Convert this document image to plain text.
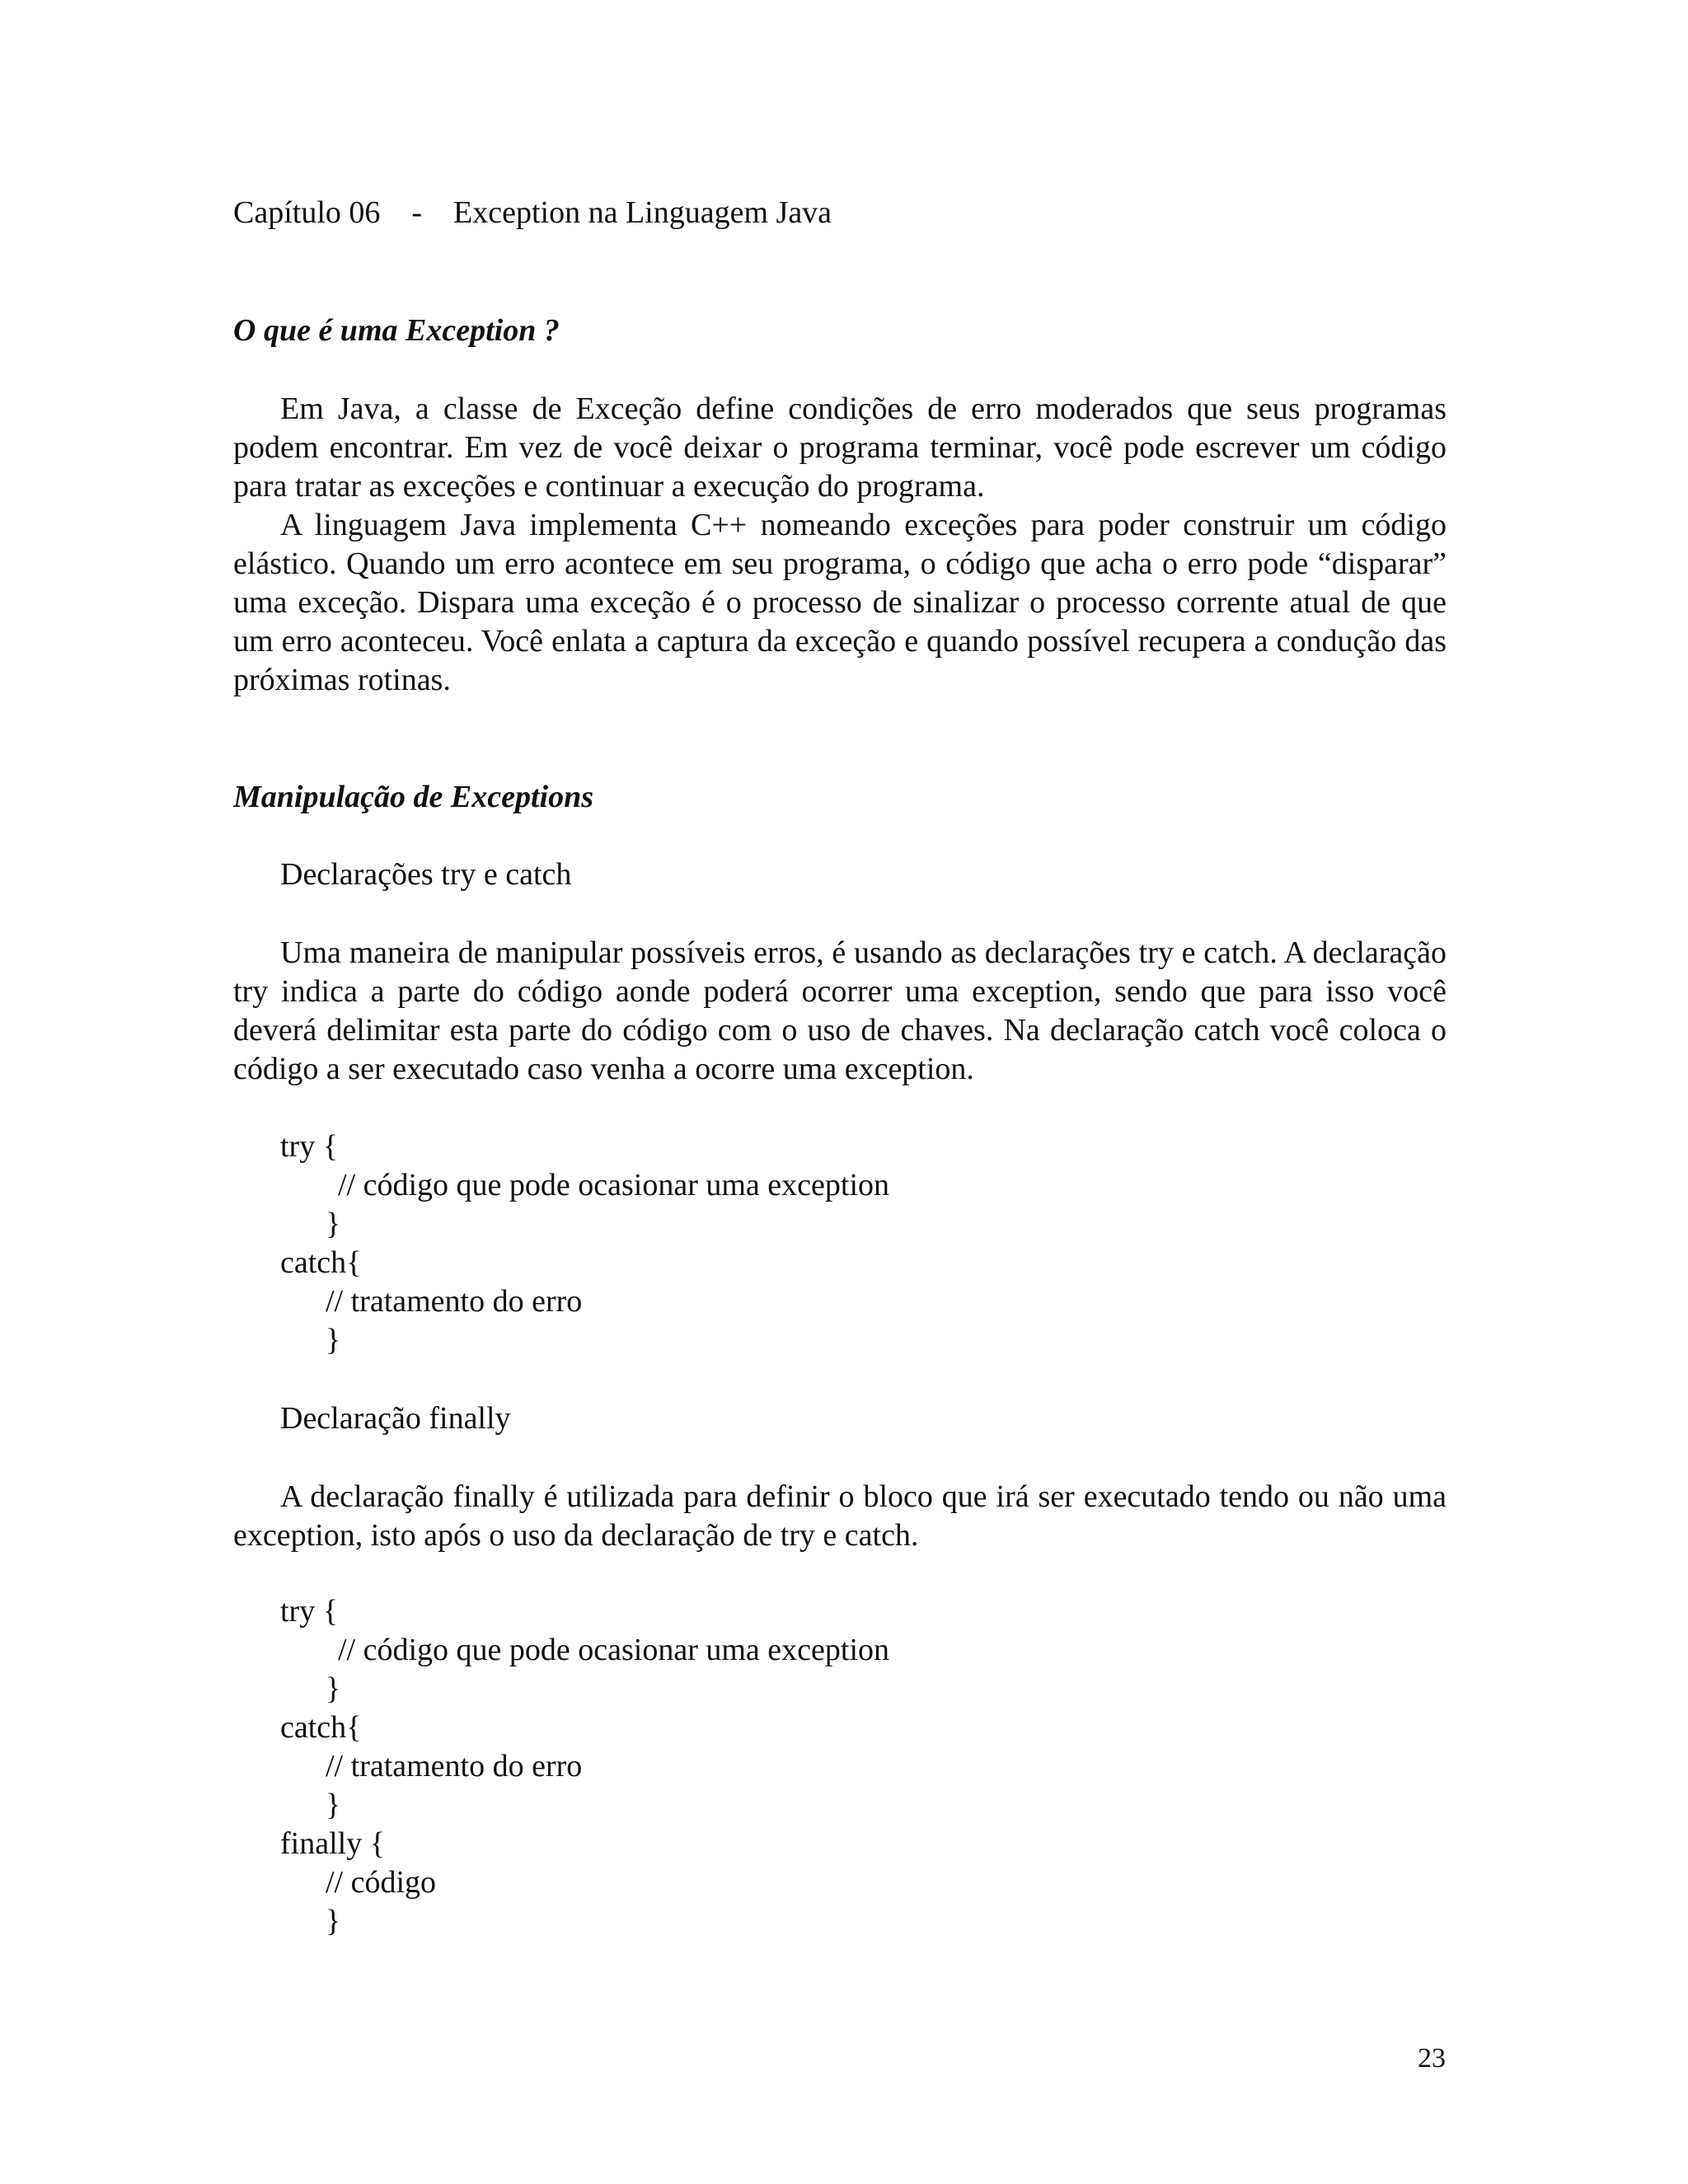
Capítulo 06 - Exception na Linguagem Java
O que é uma Exception ?
Em Java, a classe de Exceção define condições de erro moderados que seus programas podem encontrar. Em vez de você deixar o programa terminar, você pode escrever um código para tratar as exceções e continuar a execução do programa.
A linguagem Java implementa C++ nomeando exceções para poder construir um código elástico. Quando um erro acontece em seu programa, o código que acha o erro pode “disparar” uma exceção. Dispara uma exceção é o processo de sinalizar o processo corrente atual de que um erro aconteceu. Você enlata a captura da exceção e quando possível recupera a condução das próximas rotinas.
Manipulação de Exceptions
Declarações try e catch
Uma maneira de manipular possíveis erros, é usando as declarações try e catch. A declaração try indica a parte do código aonde poderá ocorrer uma exception, sendo que para isso você deverá delimitar esta parte do código com o uso de chaves. Na declaração catch você coloca o código a ser executado caso venha a ocorre uma exception.
try {
// código que pode ocasionar uma exception
}
catch{
// tratamento do erro
}
Declaração finally
A declaração finally é utilizada para definir o bloco que irá ser executado tendo ou não uma exception, isto após o uso da declaração de try e catch.
try {
// código que pode ocasionar uma exception
}
catch{
// tratamento do erro
}
finally {
// código
}
23
